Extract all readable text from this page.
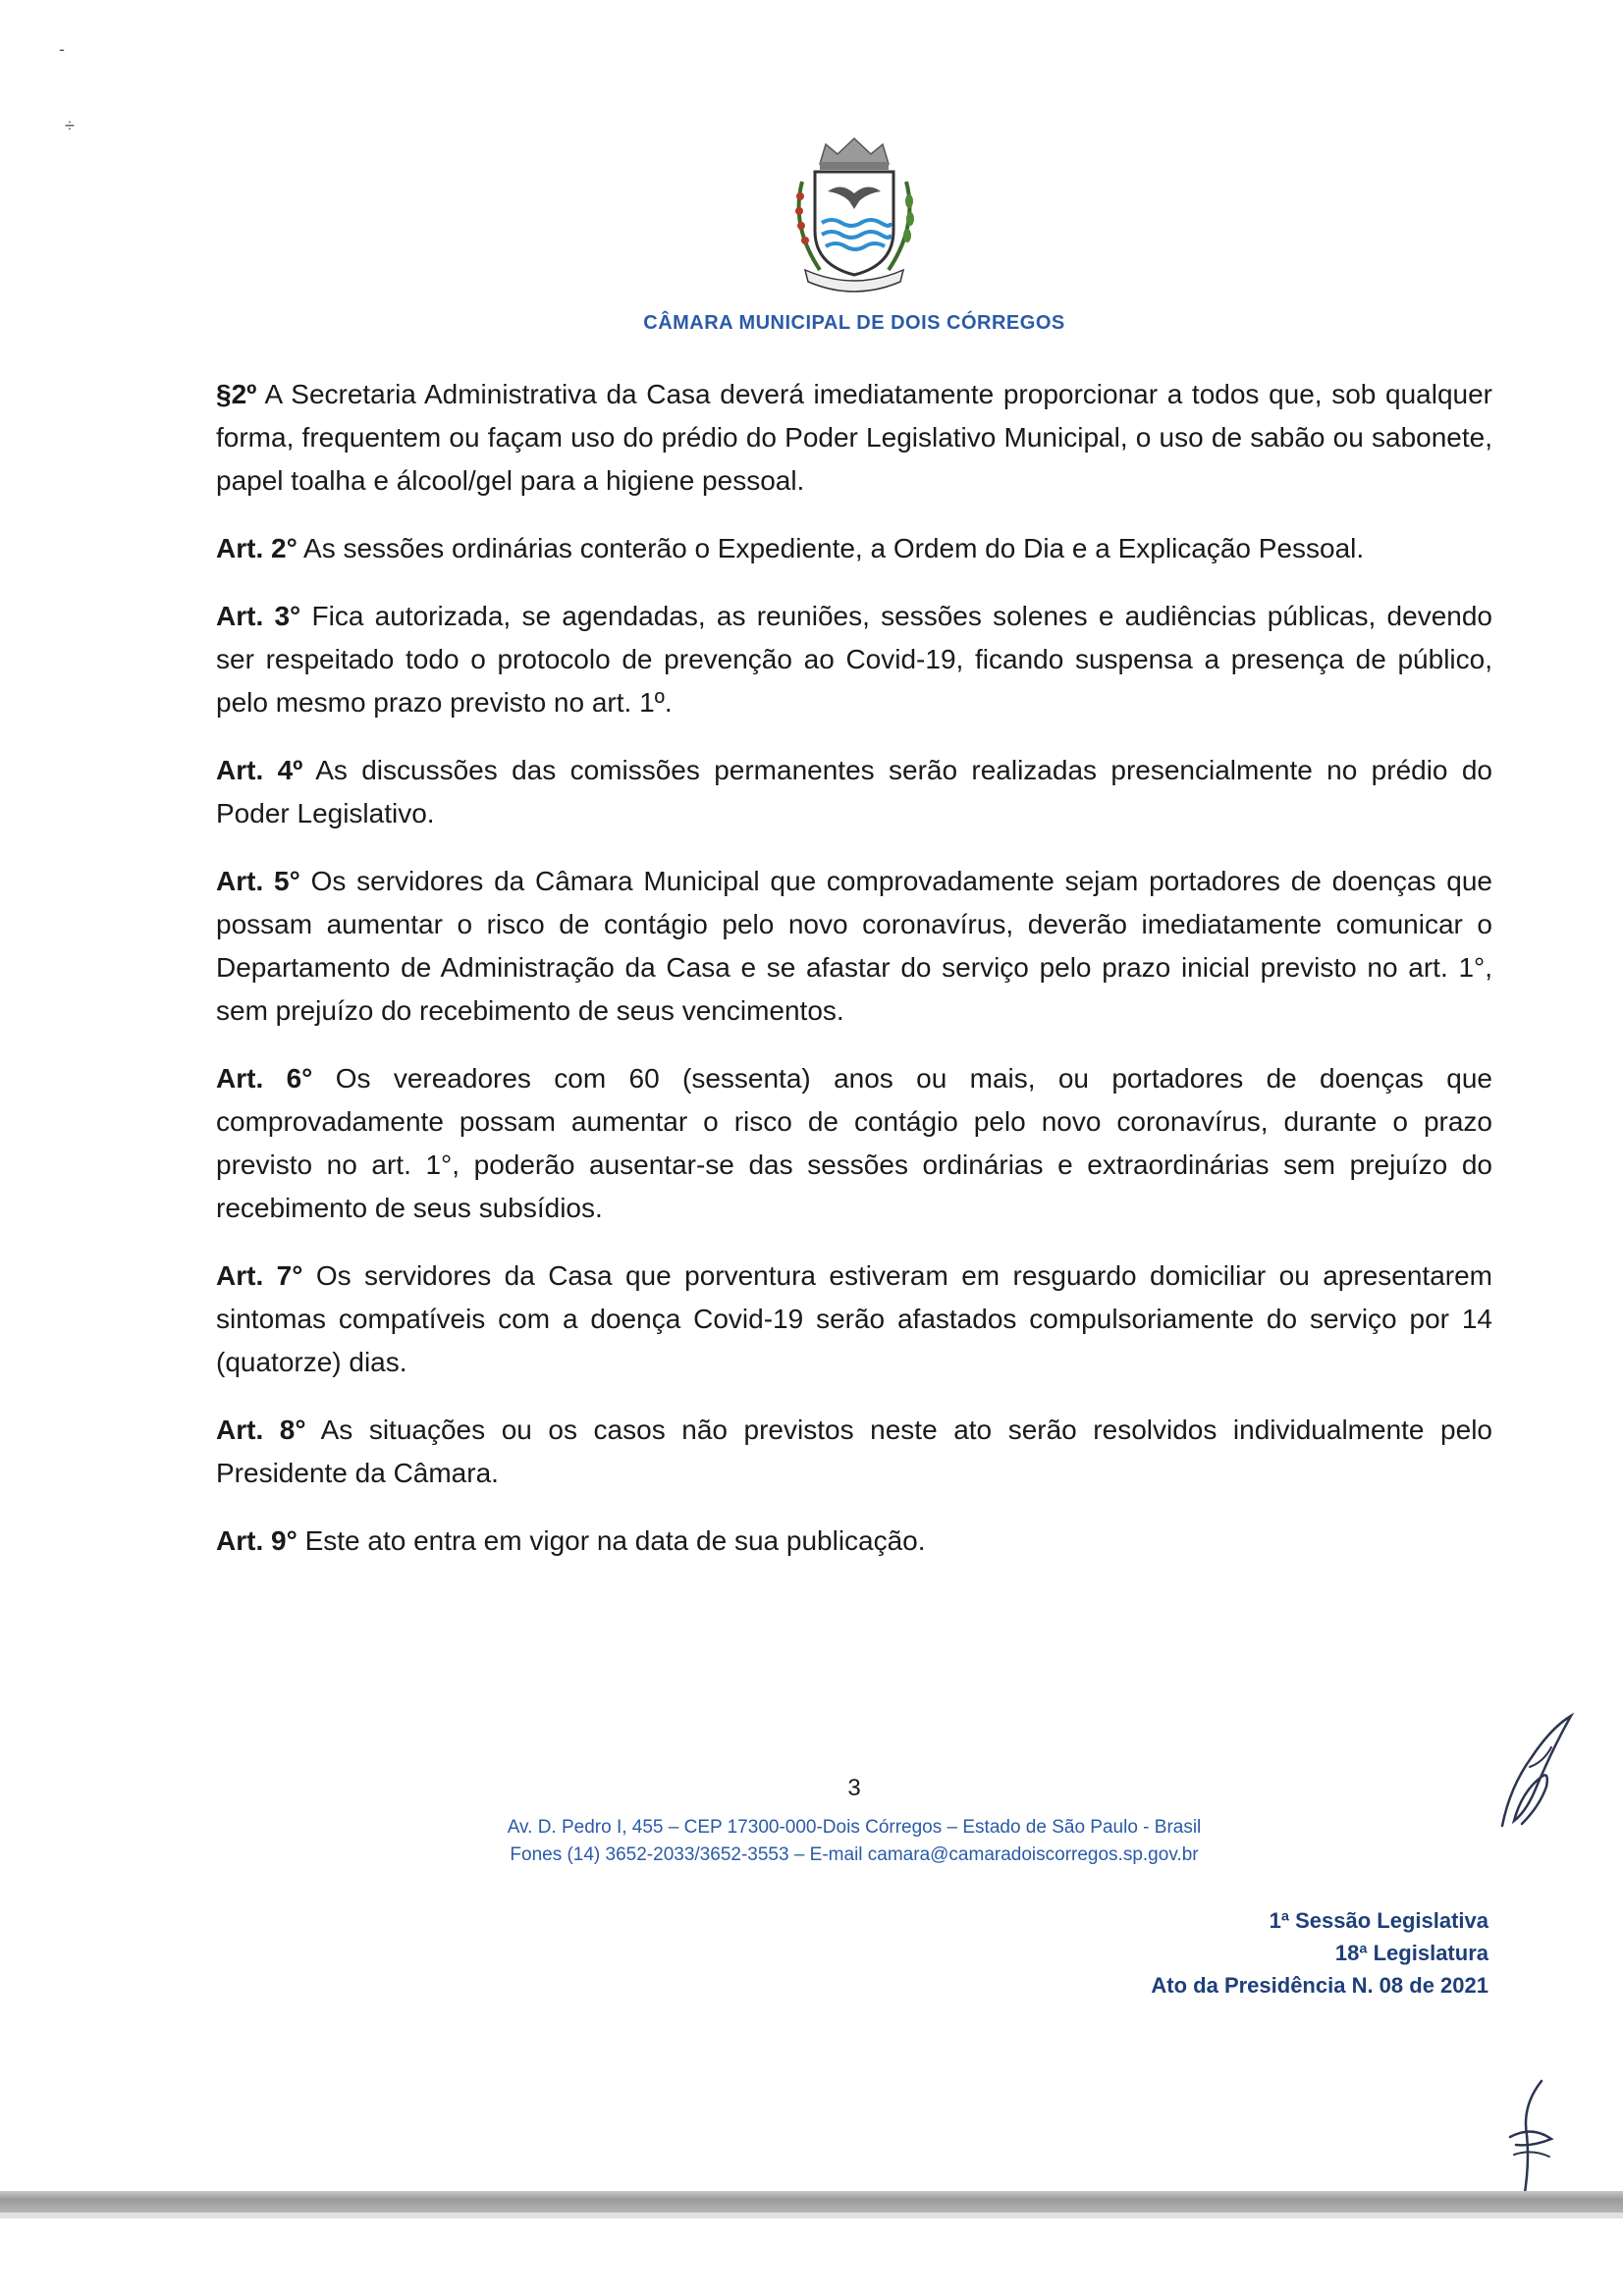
-
÷
CÂMARA MUNICIPAL DE DOIS CÓRREGOS

§2º A Secretaria Administrativa da Casa deverá imediatamente proporcionar a todos que, sob qualquer forma, frequentem ou façam uso do prédio do Poder Legislativo Municipal, o uso de sabão ou sabonete, papel toalha e álcool/gel para a higiene pessoal.

Art. 2° As sessões ordinárias conterão o Expediente, a Ordem do Dia e a Explicação Pessoal.

Art. 3° Fica autorizada, se agendadas, as reuniões, sessões solenes e audiências públicas, devendo ser respeitado todo o protocolo de prevenção ao Covid-19, ficando suspensa a presença de público, pelo mesmo prazo previsto no art. 1º.

Art. 4º As discussões das comissões permanentes serão realizadas presencialmente no prédio do Poder Legislativo.

Art. 5° Os servidores da Câmara Municipal que comprovadamente sejam portadores de doenças que possam aumentar o risco de contágio pelo novo coronavírus, deverão imediatamente comunicar o Departamento de Administração da Casa e se afastar do serviço pelo prazo inicial previsto no art. 1°, sem prejuízo do recebimento de seus vencimentos.

Art. 6° Os vereadores com 60 (sessenta) anos ou mais, ou portadores de doenças que comprovadamente possam aumentar o risco de contágio pelo novo coronavírus, durante o prazo previsto no art. 1°, poderão ausentar-se das sessões ordinárias e extraordinárias sem prejuízo do recebimento de seus subsídios.

Art. 7° Os servidores da Casa que porventura estiveram em resguardo domiciliar ou apresentarem sintomas compatíveis com a doença Covid-19 serão afastados compulsoriamente do serviço por 14 (quatorze) dias.

Art. 8° As situações ou os casos não previstos neste ato serão resolvidos individualmente pelo Presidente da Câmara.

Art. 9° Este ato entra em vigor na data de sua publicação.

3
Av. D. Pedro I, 455 – CEP 17300-000-Dois Córregos – Estado de São Paulo - Brasil
Fones (14) 3652-2033/3652-3553 – E-mail camara@camaradoiscorregos.sp.gov.br
1ª Sessão Legislativa
18ª Legislatura
Ato da Presidência N. 08 de 2021
